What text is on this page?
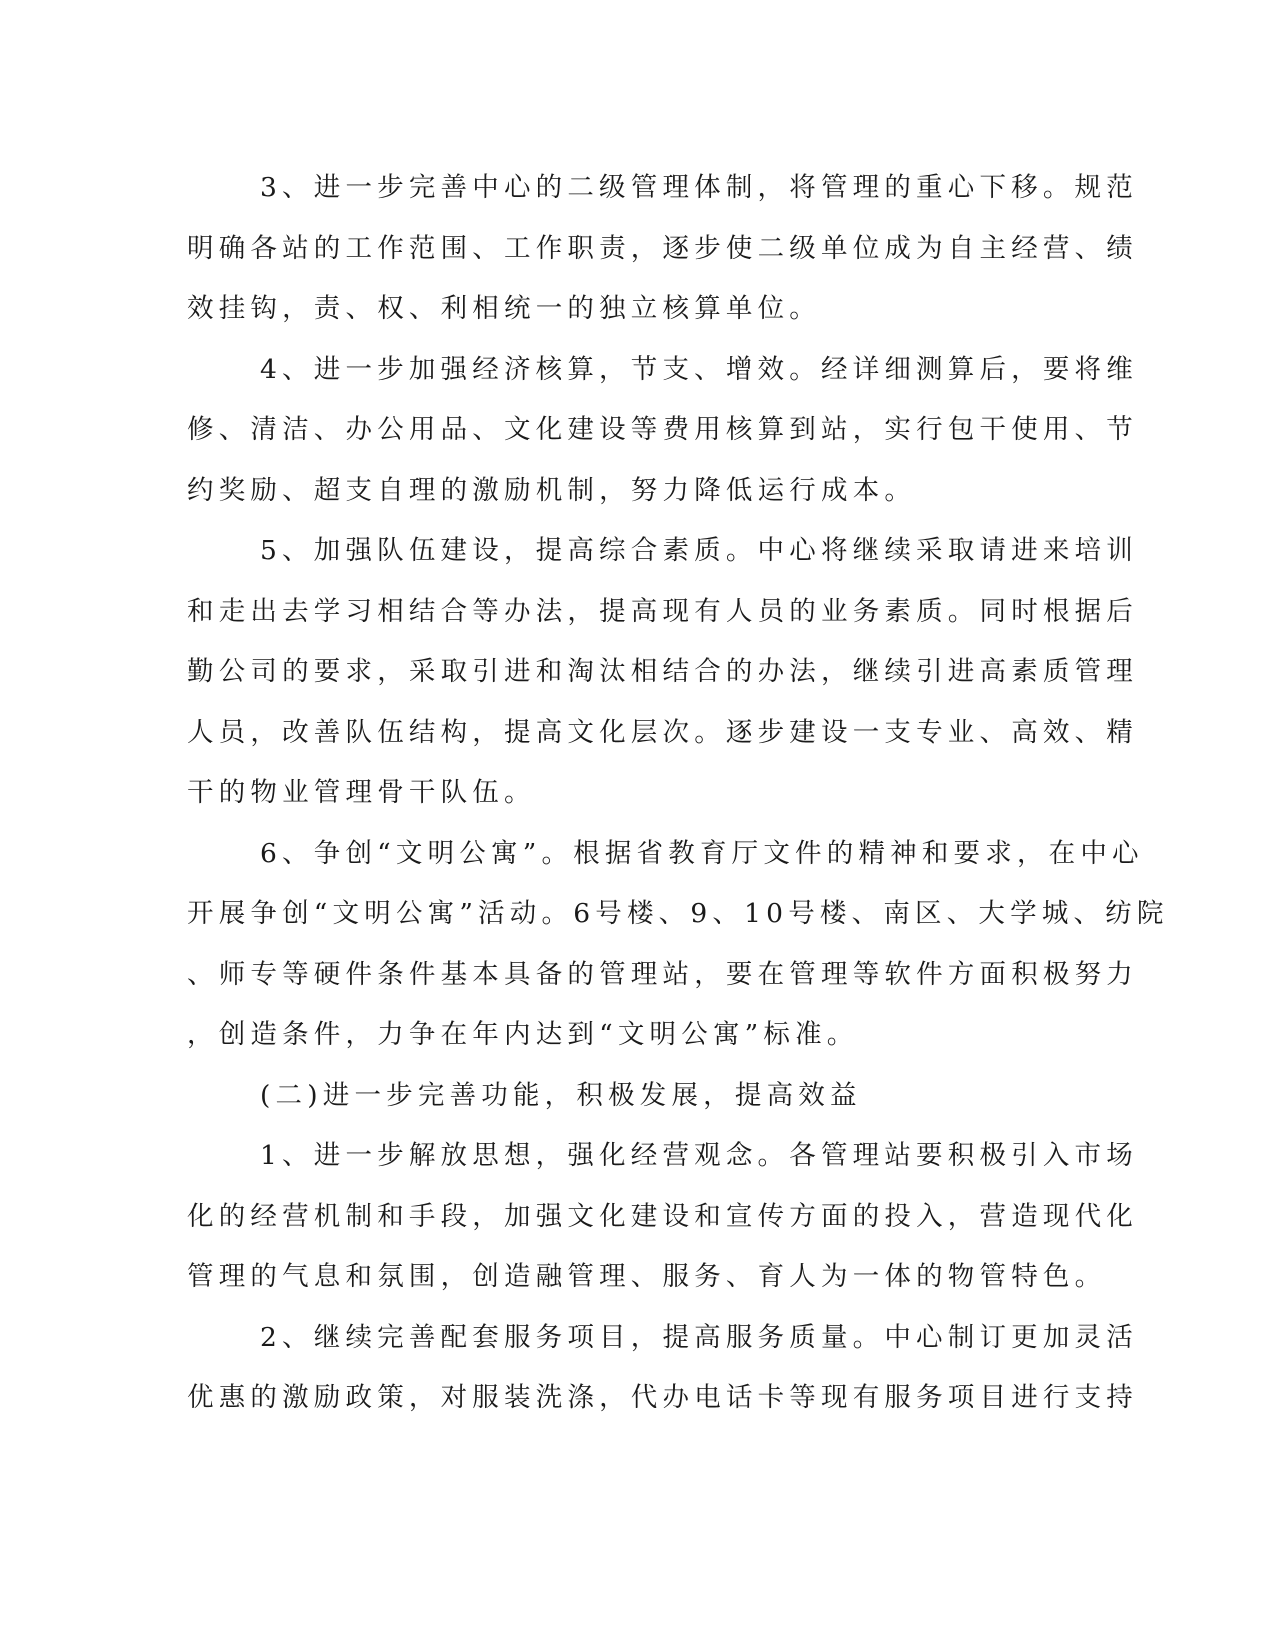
3、进一步完善中心的二级管理体制，将管理的重心下移。规范
明确各站的工作范围、工作职责，逐步使二级单位成为自主经营、绩
效挂钩，责、权、利相统一的独立核算单位。
4、进一步加强经济核算，节支、增效。经详细测算后，要将维
修、清洁、办公用品、文化建设等费用核算到站，实行包干使用、节
约奖励、超支自理的激励机制，努力降低运行成本。
5、加强队伍建设，提高综合素质。中心将继续采取请进来培训
和走出去学习相结合等办法，提高现有人员的业务素质。同时根据后
勤公司的要求，采取引进和淘汰相结合的办法，继续引进高素质管理
人员，改善队伍结构，提高文化层次。逐步建设一支专业、高效、精
干的物业管理骨干队伍。
6、争创“文明公寓”。根据省教育厅文件的精神和要求，在中心
开展争创“文明公寓”活动。6号楼、9、10号楼、南区、大学城、纺院
、师专等硬件条件基本具备的管理站，要在管理等软件方面积极努力
，创造条件，力争在年内达到“文明公寓”标准。
(二)进一步完善功能，积极发展，提高效益
1、进一步解放思想，强化经营观念。各管理站要积极引入市场
化的经营机制和手段，加强文化建设和宣传方面的投入，营造现代化
管理的气息和氛围，创造融管理、服务、育人为一体的物管特色。
2、继续完善配套服务项目，提高服务质量。中心制订更加灵活
优惠的激励政策，对服装洗涤，代办电话卡等现有服务项目进行支持
